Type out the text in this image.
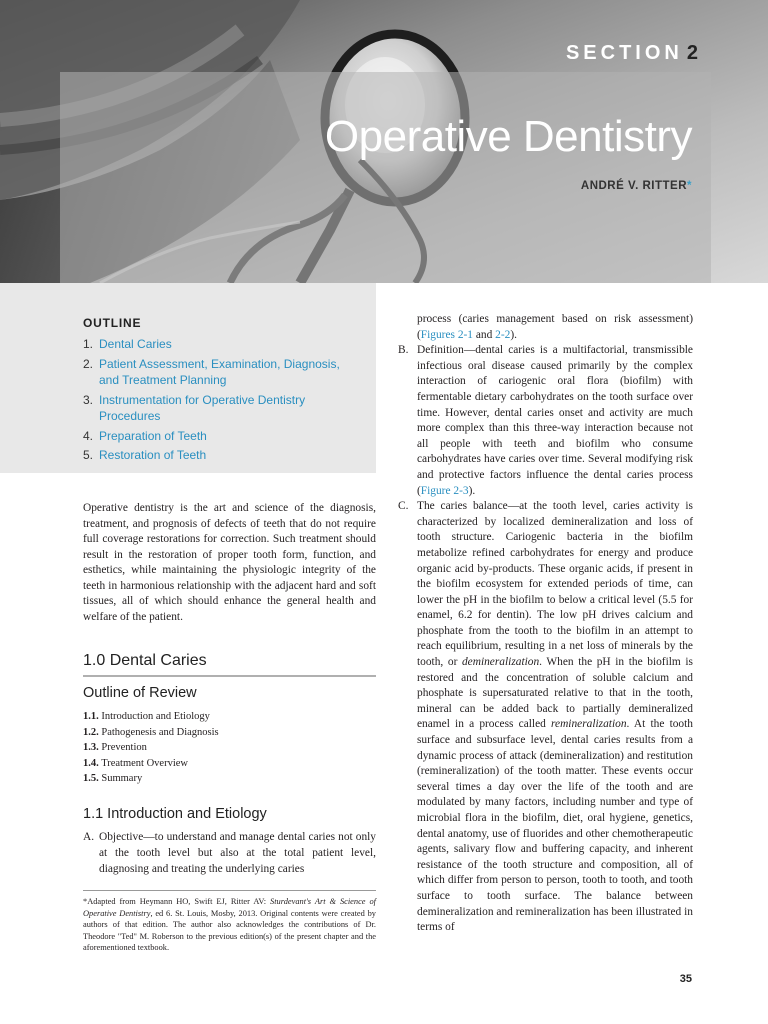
SECTION 2
Operative Dentistry
ANDRÉ V. RITTER*
OUTLINE
1. Dental Caries
2. Patient Assessment, Examination, Diagnosis, and Treatment Planning
3. Instrumentation for Operative Dentistry Procedures
4. Preparation of Teeth
5. Restoration of Teeth
Operative dentistry is the art and science of the diagnosis, treatment, and prognosis of defects of teeth that do not require full coverage restorations for correction. Such treatment should result in the restoration of proper tooth form, function, and esthetics, while maintaining the physiologic integrity of the teeth in harmonious relationship with the adjacent hard and soft tissues, all of which should enhance the general health and welfare of the patient.
1.0 Dental Caries
Outline of Review
1.1. Introduction and Etiology
1.2. Pathogenesis and Diagnosis
1.3. Prevention
1.4. Treatment Overview
1.5. Summary
1.1 Introduction and Etiology
A. Objective—to understand and manage dental caries not only at the tooth level but also at the total patient level, diagnosing and treating the underlying caries
*Adapted from Heymann HO, Swift EJ, Ritter AV: Sturdevant's Art & Science of Operative Dentistry, ed 6. St. Louis, Mosby, 2013. Original contents were created by authors of that edition. The author also acknowledges the contributions of Dr. Theodore "Ted" M. Roberson to the previous edition(s) of the present chapter and the aforementioned textbook.
process (caries management based on risk assessment) (Figures 2-1 and 2-2).

B. Definition—dental caries is a multifactorial, transmissible infectious oral disease caused primarily by the complex interaction of cariogenic oral flora (biofilm) with fermentable dietary carbohydrates on the tooth surface over time. However, dental caries onset and activity are much more complex than this three-way interaction because not all people with teeth and biofilm who consume carbohydrates have caries over time. Several modifying risk and protective factors influence the dental caries process (Figure 2-3).

C. The caries balance—at the tooth level, caries activity is characterized by localized demineralization and loss of tooth structure. Cariogenic bacteria in the biofilm metabolize refined carbohydrates for energy and produce organic acid by-products. These organic acids, if present in the biofilm ecosystem for extended periods of time, can lower the pH in the biofilm to below a critical level (5.5 for enamel, 6.2 for dentin). The low pH drives calcium and phosphate from the tooth to the biofilm in an attempt to reach equilibrium, resulting in a net loss of minerals by the tooth, or demineralization. When the pH in the biofilm is restored and the concentration of soluble calcium and phosphate is supersaturated relative to that in the tooth, mineral can be added back to partially demineralized enamel in a process called remineralization. At the tooth surface and subsurface level, dental caries results from a dynamic process of attack (demineralization) and restitution (remineralization) of the tooth matter. These events occur several times a day over the life of the tooth and are modulated by many factors, including number and type of microbial flora in the biofilm, diet, oral hygiene, genetics, dental anatomy, use of fluorides and other chemotherapeutic agents, salivary flow and buffering capacity, and inherent resistance of the tooth structure and composition, all of which differ from person to person, tooth to tooth, and tooth surface to tooth surface. The balance between demineralization and remineralization has been illustrated in terms of

35
